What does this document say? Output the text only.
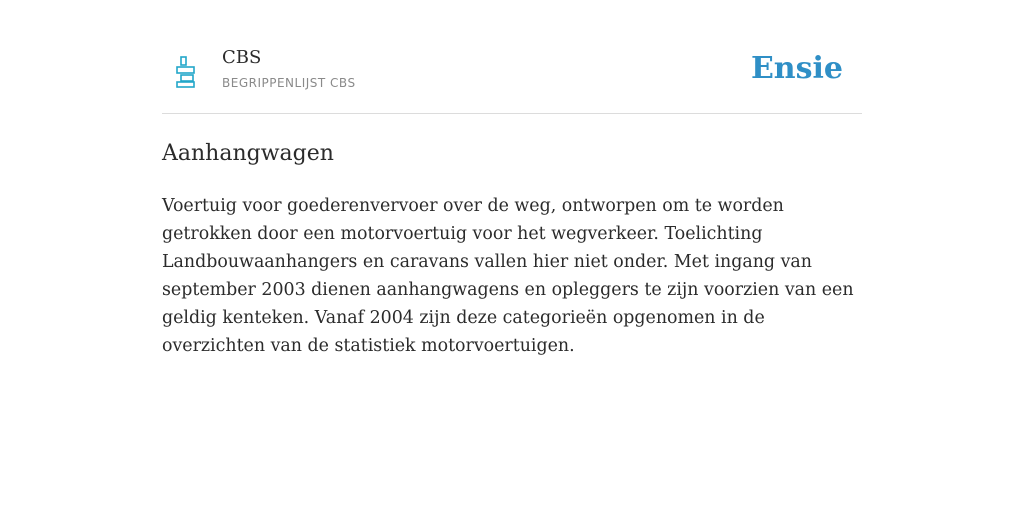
CBS
BEGRIPPENLIJST CBS	Ensie
Aanhangwagen

Voertuig voor goederenvervoer over de weg, ontworpen om te worden getrokken door een motorvoertuig voor het wegverkeer. Toelichting Landbouwaanhangers en caravans vallen hier niet onder. Met ingang van september 2003 dienen aanhangwagens en opleggers te zijn voorzien van een geldig kenteken. Vanaf 2004 zijn deze categorieën opgenomen in de overzichten van de statistiek motorvoertuigen.
